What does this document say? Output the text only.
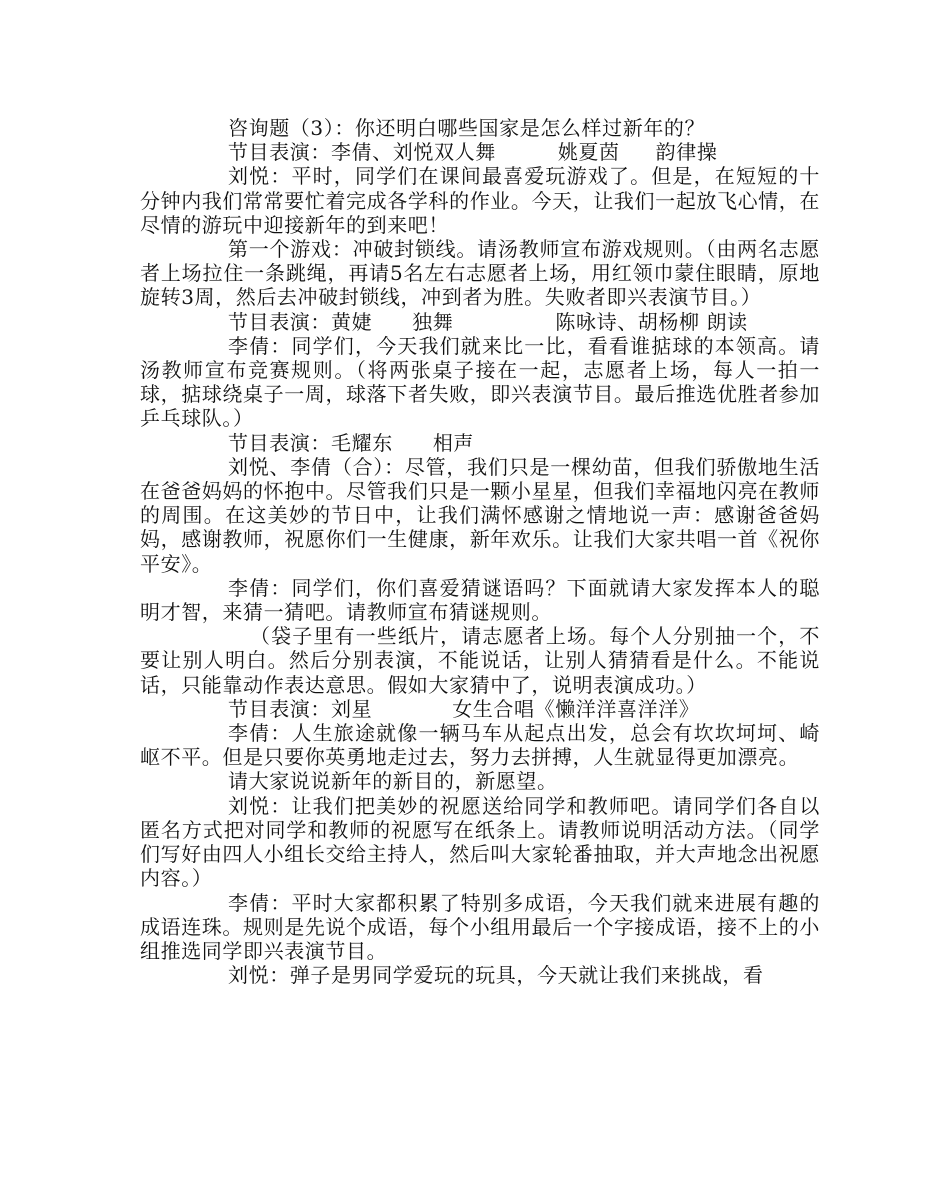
咨询题（3）：你还明白哪些国家是怎么样过新年的？

节目表演：李倩、刘悦双人舞	姚夏茵 韵律操

刘悦：平时，同学们在课间最喜爱玩游戏了。但是，在短短的十分钟内我们常常要忙着完成各学科的作业。今天，让我们一起放飞心情，在尽情的游玩中迎接新年的到来吧！

第一个游戏：冲破封锁线。请汤教师宣布游戏规则。（由两名志愿者上场拉住一条跳绳，再请5名左右志愿者上场，用红领巾蒙住眼睛，原地旋转3周，然后去冲破封锁线，冲到者为胜。失败者即兴表演节目。）

节目表演：黄婕 独舞	陈咏诗、胡杨柳 朗读

李倩：同学们，今天我们就来比一比，看看谁掂球的本领高。请汤教师宣布竞赛规则。（将两张桌子接在一起，志愿者上场，每人一拍一球，掂球绕桌子一周，球落下者失败，即兴表演节目。最后推选优胜者参加乒乓球队。）

节目表演：毛耀东 相声

刘悦、李倩（合）：尽管，我们只是一棵幼苗，但我们骄傲地生活在爸爸妈妈的怀抱中。尽管我们只是一颗小星星，但我们幸福地闪亮在教师的周围。在这美妙的节日中，让我们满怀感谢之情地说一声：感谢爸爸妈妈，感谢教师，祝愿你们一生健康，新年欢乐。让我们大家共唱一首《祝你平安》。

李倩：同学们，你们喜爱猜谜语吗？下面就请大家发挥本人的聪明才智，来猜一猜吧。请教师宣布猜谜规则。

（袋子里有一些纸片，请志愿者上场。每个人分别抽一个，不要让别人明白。然后分别表演，不能说话，让别人猜猜看是什么。不能说话，只能靠动作表达意思。假如大家猜中了，说明表演成功。）

节目表演：刘星	女生合唱《懒洋洋喜洋洋》

李倩：人生旅途就像一辆马车从起点出发，总会有坎坎坷坷、崎岖不平。但是只要你英勇地走过去，努力去拼搏，人生就显得更加漂亮。

请大家说说新年的新目的，新愿望。

刘悦：让我们把美妙的祝愿送给同学和教师吧。请同学们各自以匿名方式把对同学和教师的祝愿写在纸条上。请教师说明活动方法。（同学们写好由四人小组长交给主持人，然后叫大家轮番抽取，并大声地念出祝愿内容。）

李倩：平时大家都积累了特别多成语，今天我们就来进展有趣的成语连珠。规则是先说个成语，每个小组用最后一个字接成语，接不上的小组推选同学即兴表演节目。

刘悦：弹子是男同学爱玩的玩具，今天就让我们来挑战，看
